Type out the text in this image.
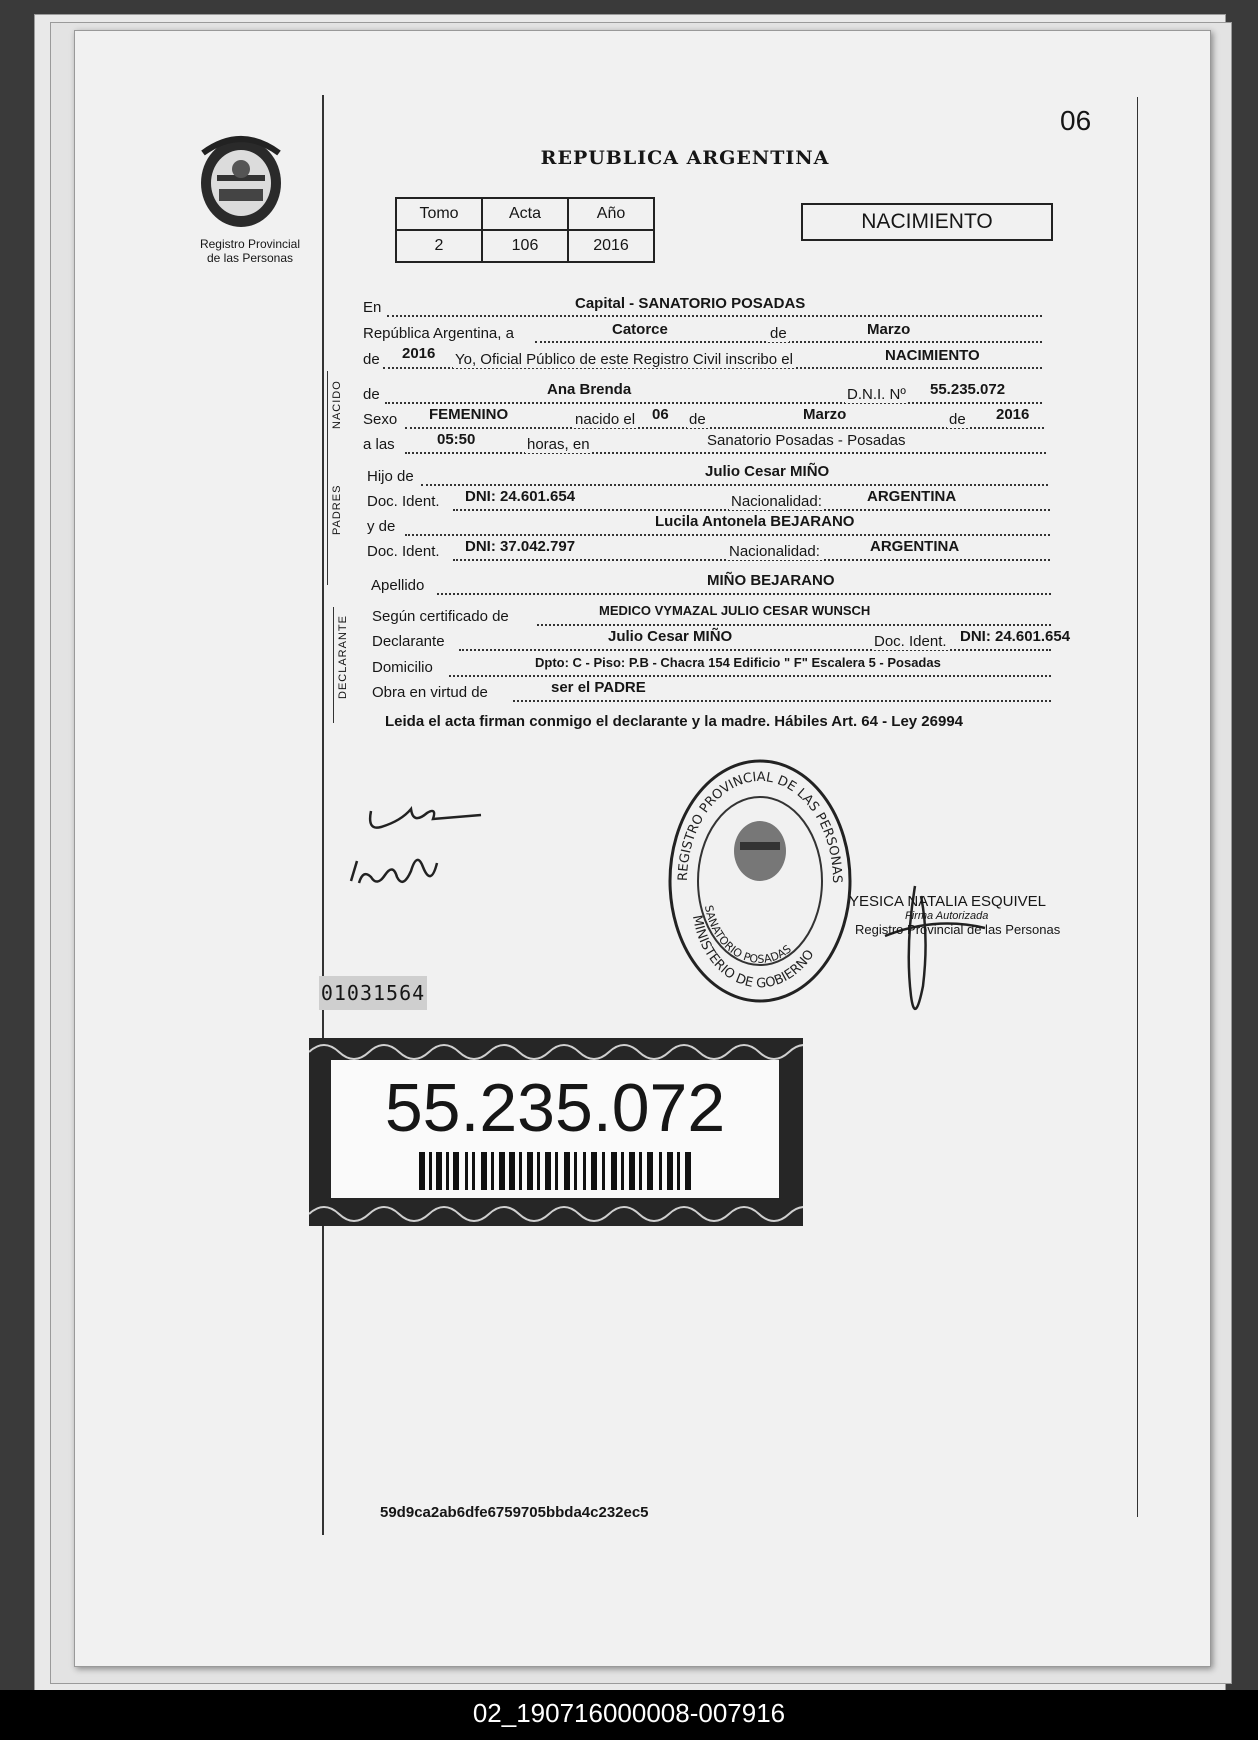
Registro Provincial
de las Personas
06
REPUBLICA ARGENTINA
Tomo	Acta	Año
2	106	2016
NACIMIENTO
En	Capital - SANATORIO POSADAS
República Argentina, a	Catorce	de	Marzo
de 2016 Yo, Oficial Público de este Registro Civil inscribo el	NACIMIENTO
NACIDO de	Ana Brenda	D.N.I. Nº 55.235.072
Sexo FEMENINO	nacido el 06 de	Marzo	de 2016
a las	05:50	horas, en	Sanatorio Posadas - Posadas
PADRES
Hijo de	Julio Cesar MIÑO
Doc. Ident. DNI: 24.601.654	Nacionalidad:	ARGENTINA
y de	Lucila Antonela BEJARANO
Doc. Ident. DNI: 37.042.797	Nacionalidad:	ARGENTINA
Apellido	MIÑO BEJARANO
DECLARANTE Según certificado de	MEDICO VYMAZAL JULIO CESAR WUNSCH
Declarante	Julio Cesar MIÑO	Doc. Ident. DNI: 24.601.654
Domicilio	Dpto: C - Piso: P.B - Chacra 154 Edificio " F" Escalera 5 - Posadas
Obra en virtud de	ser el PADRE
Leida el acta firman conmigo el declarante y la madre. Hábiles Art. 64 - Ley 26994
REGISTRO PROVINCIAL DE LAS PERSONAS
SANATORIO POSADAS
MINISTERIO DE GOBIERNO
YESICA NATALIA ESQUIVEL
Firma Autorizada
Registro Provincial de las Personas
01031564
55.235.072
59d9ca2ab6dfe6759705bbda4c232ec5
02_190716000008-007916
